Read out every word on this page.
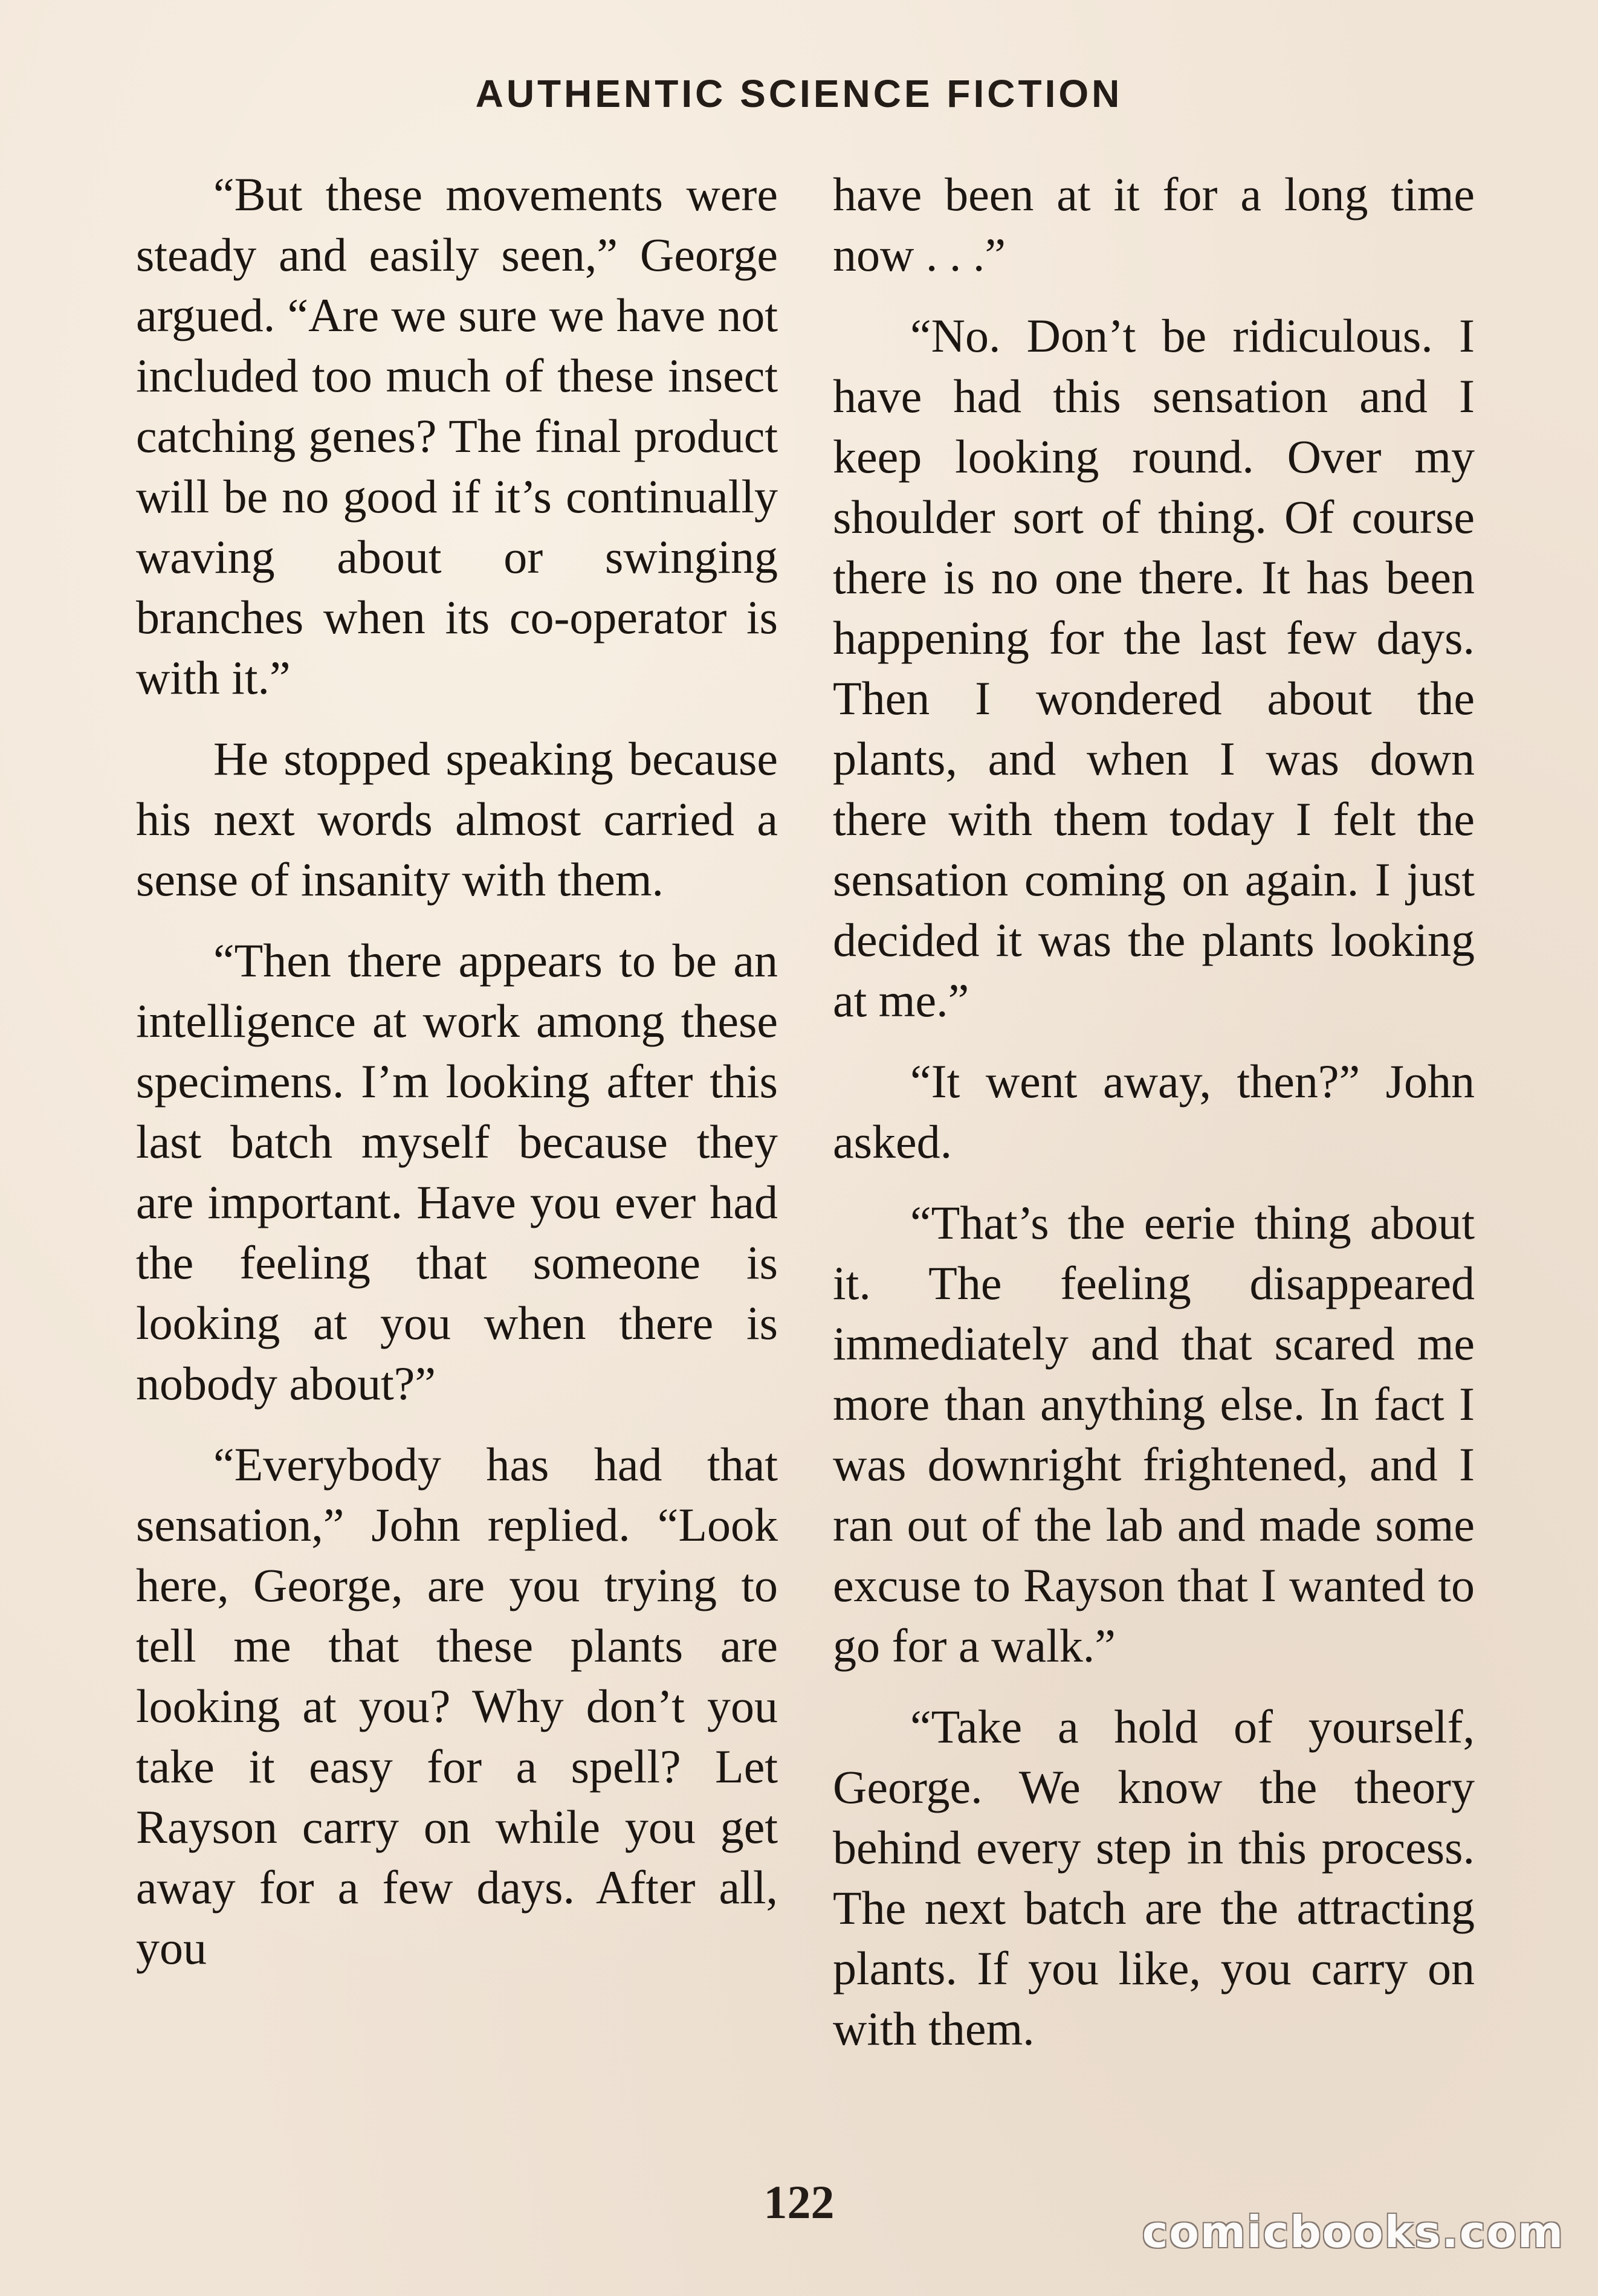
AUTHENTIC SCIENCE FICTION

“But these movements were steady and easily seen,” George argued. “Are we sure we have not included too much of these insect catching genes? The final product will be no good if it’s continually waving about or swinging branches when its co-operator is with it.”

He stopped speaking because his next words almost carried a sense of insanity with them.

“Then there appears to be an intelligence at work among these specimens. I’m looking after this last batch myself because they are important. Have you ever had the feeling that someone is looking at you when there is nobody about?”

“Everybody has had that sensation,” John replied. “Look here, George, are you trying to tell me that these plants are looking at you? Why don’t you take it easy for a spell? Let Rayson carry on while you get away for a few days. After all, you

have been at it for a long time now . . .”

“No. Don’t be ridiculous. I have had this sensation and I keep looking round. Over my shoulder sort of thing. Of course there is no one there. It has been happening for the last few days. Then I wondered about the plants, and when I was down there with them today I felt the sensation coming on again. I just decided it was the plants looking at me.”

“It went away, then?” John asked.

“That’s the eerie thing about it. The feeling disappeared immediately and that scared me more than anything else. In fact I was downright frightened, and I ran out of the lab and made some excuse to Rayson that I wanted to go for a walk.”

“Take a hold of yourself, George. We know the theory behind every step in this process. The next batch are the attracting plants. If you like, you carry on with them.

122
comicbooks.com
